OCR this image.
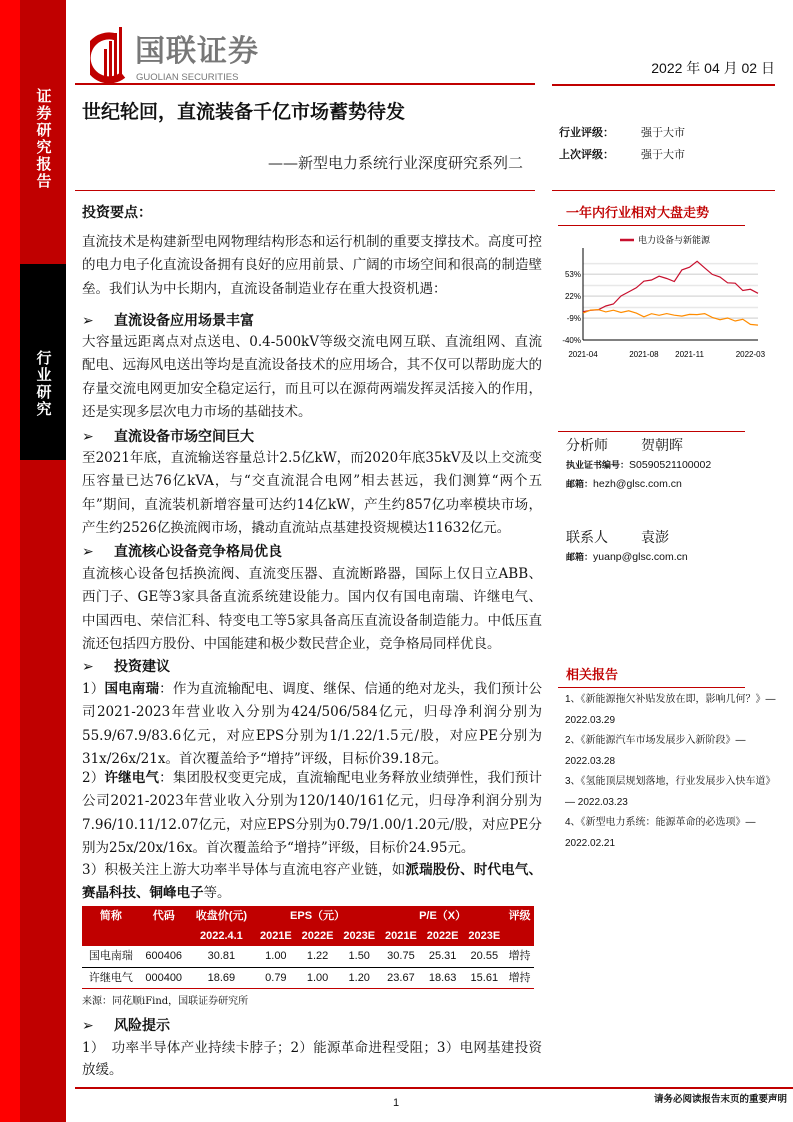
证券研究报告
行业研究
国联证券
GUOLIAN SECURITIES
2022 年 04 月 02 日
世纪轮回，直流装备千亿市场蓄势待发
——新型电力系统行业深度研究系列二
行业评级： 强于大市
上次评级： 强于大市
投资要点：
直流技术是构建新型电网物理结构形态和运行机制的重要支撑技术。高度可控的电力电子化直流设备拥有良好的应用前景、广阔的市场空间和很高的制造壁垒。我们认为中长期内，直流设备制造业存在重大投资机遇：
➢ 直流设备应用场景丰富
大容量远距离点对点送电、0.4-500kV等级交流电网互联、直流组网、直流配电、远海风电送出等均是直流设备技术的应用场合，其不仅可以帮助庞大的存量交流电网更加安全稳定运行，而且可以在源荷两端发挥灵活接入的作用，还是实现多层次电力市场的基础技术。
➢ 直流设备市场空间巨大
至2021年底，直流输送容量总计2.5亿kW，而2020年底35kV及以上交流变压容量已达76亿kVA，与“交直流混合电网”相去甚远，我们测算“两个五年”期间，直流装机新增容量可达约14亿kW，产生约857亿功率模块市场，产生约2526亿换流阀市场，撬动直流站点基建投资规模达11632亿元。
➢ 直流核心设备竞争格局优良
直流核心设备包括换流阀、直流变压器、直流断路器，国际上仅日立ABB、西门子、GE等3家具备直流系统建设能力。国内仅有国电南瑞、许继电气、中国西电、荣信汇科、特变电工等5家具备高压直流设备制造能力。中低压直流还包括四方股份、中国能建和极少数民营企业，竞争格局同样优良。
➢ 投资建议
1）国电南瑞：作为直流输配电、调度、继保、信通的绝对龙头，我们预计公司2021-2023年营业收入分别为424/506/584亿元，归母净利润分别为55.9/67.9/83.6亿元，对应EPS分别为1/1.22/1.5元/股，对应PE分别为31x/26x/21x。首次覆盖给予“增持”评级，目标价39.18元。
2）许继电气：集团股权变更完成，直流输配电业务释放业绩弹性，我们预计公司2021-2023年营业收入分别为120/140/161亿元，归母净利润分别为7.96/10.11/12.07亿元，对应EPS分别为0.79/1.00/1.20元/股，对应PE分别为25x/20x/16x。首次覆盖给予“增持”评级，目标价24.95元。
3）积极关注上游大功率半导体与直流电容产业链，如派瑞股份、时代电气、赛晶科技、铜峰电子等。
简称	代码	收盘价(元)	EPS（元）			P/E（X）			评级
		2022.4.1	2021E	2022E	2023E	2021E	2022E	2023E	
国电南瑞	600406	30.81	1.00	1.22	1.50	30.75	25.31	20.55	增持
许继电气	000400	18.69	0.79	1.00	1.20	23.67	18.63	15.61	增持
来源：同花顺iFind，国联证券研究所
➢ 风险提示
1）　功率半导体产业持续卡脖子；2）能源革命进程受阻；3）电网基建投资放缓。
一年内行业相对大盘走势
53%
22%
-9%
-40%
2021-04	2021-08 2021-11	2022-03
电力设备与新能源
分析师 贺朝晖
执业证书编号：S0590521100002
邮箱：hezh@glsc.com.cn
联系人 袁澎
邮箱：yuanp@glsc.com.cn
相关报告
1、《新能源拖欠补贴发放在即，影响几何？》—
2022.03.29
2、《新能源汽车市场发展步入新阶段》—
2022.03.28
3、《氢能顶层规划落地，行业发展步入快车道》
— 2022.03.23
4、《新型电力系统：能源革命的必选项》—
2022.02.21
1	请务必阅读报告末页的重要声明
